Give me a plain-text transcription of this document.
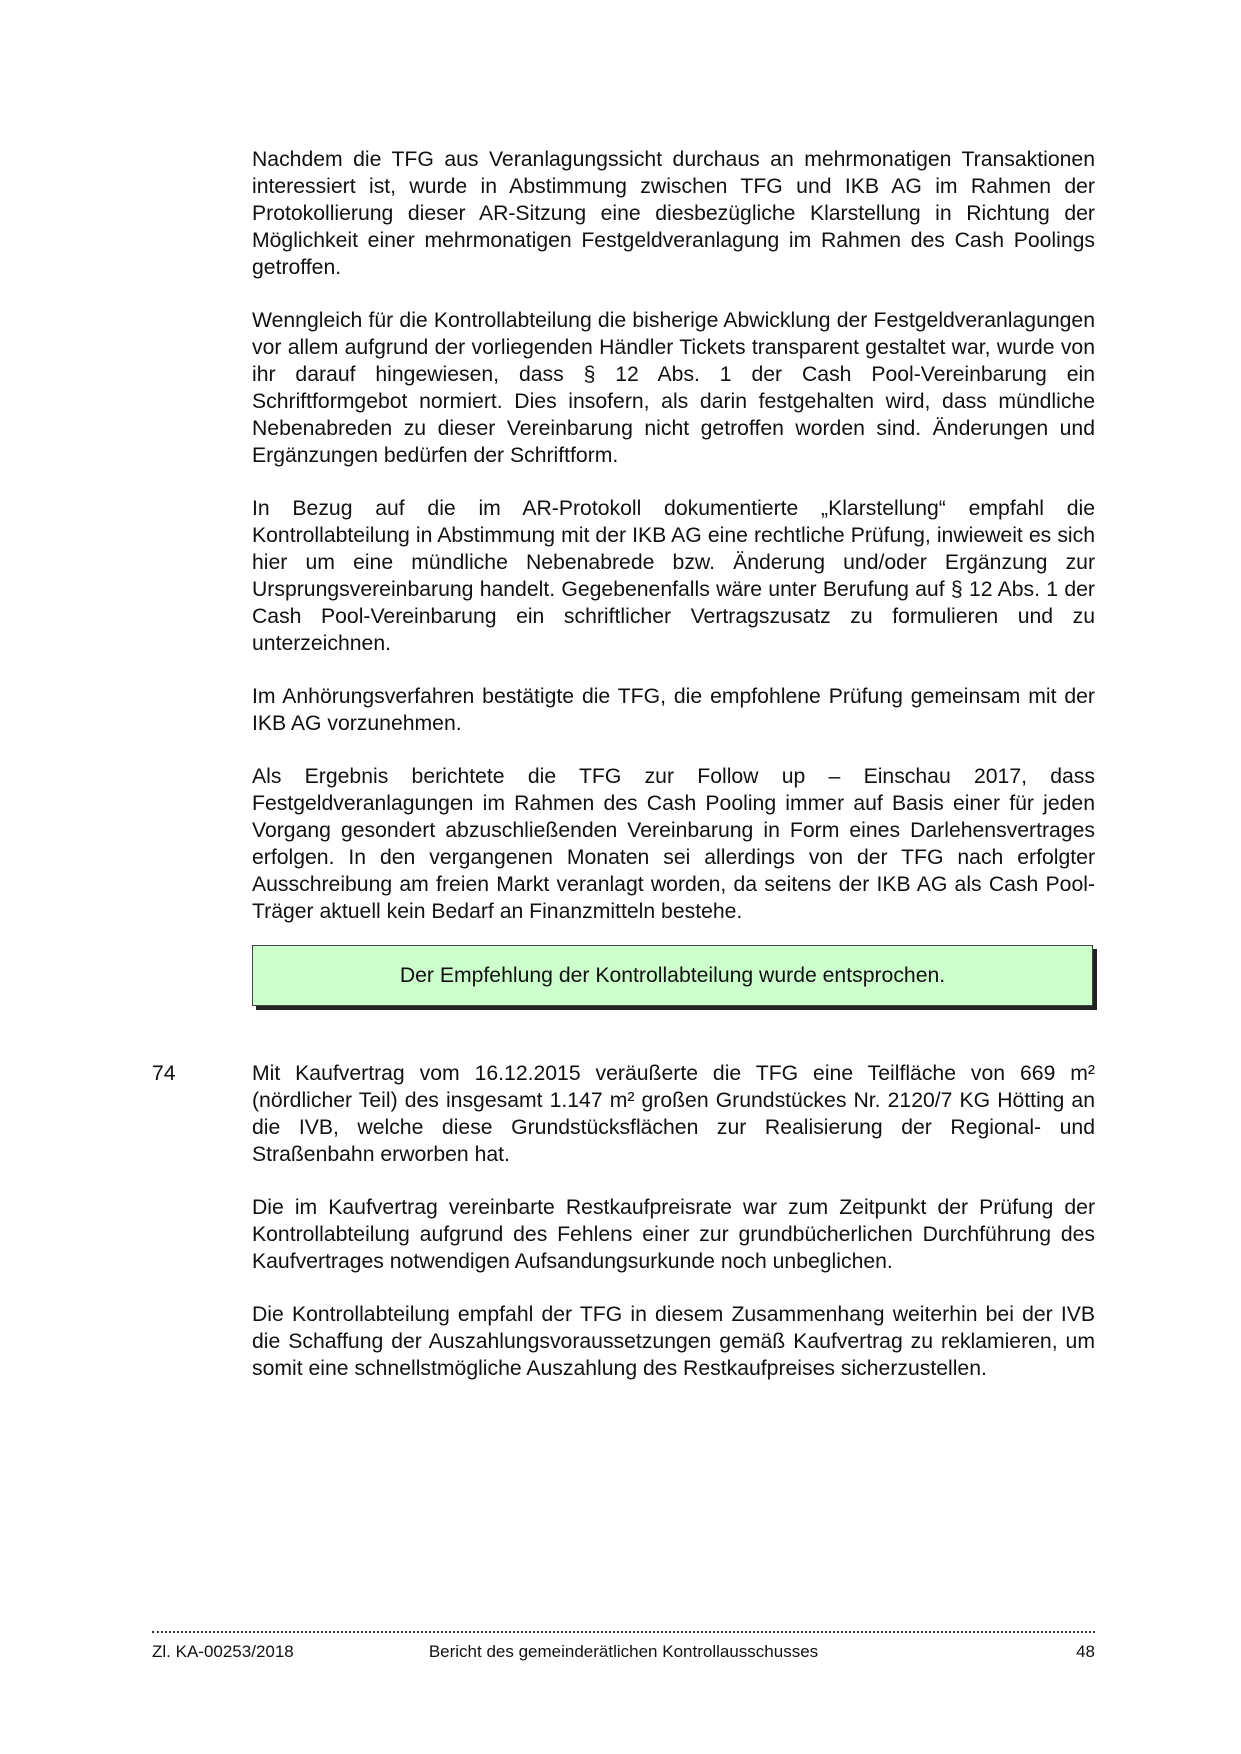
Nachdem die TFG aus Veranlagungssicht durchaus an mehrmonatigen Transaktionen interessiert ist, wurde in Abstimmung zwischen TFG und IKB AG im Rahmen der Protokollierung dieser AR-Sitzung eine diesbezügliche Klarstellung in Richtung der Möglichkeit einer mehrmonatigen Festgeldveranlagung im Rahmen des Cash Poolings getroffen.

Wenngleich für die Kontrollabteilung die bisherige Abwicklung der Festgeldveranlagungen vor allem aufgrund der vorliegenden Händler Tickets transparent gestaltet war, wurde von ihr darauf hingewiesen, dass § 12 Abs. 1 der Cash Pool-Vereinbarung ein Schriftformgebot normiert. Dies insofern, als darin festgehalten wird, dass mündliche Nebenabreden zu dieser Vereinbarung nicht getroffen worden sind. Änderungen und Ergänzungen bedürfen der Schriftform.

In Bezug auf die im AR-Protokoll dokumentierte „Klarstellung“ empfahl die Kontrollabteilung in Abstimmung mit der IKB AG eine rechtliche Prüfung, inwieweit es sich hier um eine mündliche Nebenabrede bzw. Änderung und/oder Ergänzung zur Ursprungsvereinbarung handelt. Gegebenenfalls wäre unter Berufung auf § 12 Abs. 1 der Cash Pool-Vereinbarung ein schriftlicher Vertragszusatz zu formulieren und zu unterzeichnen.

Im Anhörungsverfahren bestätigte die TFG, die empfohlene Prüfung gemeinsam mit der IKB AG vorzunehmen.

Als Ergebnis berichtete die TFG zur Follow up – Einschau 2017, dass Festgeldveranlagungen im Rahmen des Cash Pooling immer auf Basis einer für jeden Vorgang gesondert abzuschließenden Vereinbarung in Form eines Darlehensvertrages erfolgen. In den vergangenen Monaten sei allerdings von der TFG nach erfolgter Ausschreibung am freien Markt veranlagt worden, da seitens der IKB AG als Cash Pool-Träger aktuell kein Bedarf an Finanzmitteln bestehe.

Der Empfehlung der Kontrollabteilung wurde entsprochen.
74	Mit Kaufvertrag vom 16.12.2015 veräußerte die TFG eine Teilfläche von 669 m² (nördlicher Teil) des insgesamt 1.147 m² großen Grundstückes Nr. 2120/7 KG Hötting an die IVB, welche diese Grundstücksflächen zur Realisierung der Regional- und Straßenbahn erworben hat.

Die im Kaufvertrag vereinbarte Restkaufpreisrate war zum Zeitpunkt der Prüfung der Kontrollabteilung aufgrund des Fehlens einer zur grundbücherlichen Durchführung des Kaufvertrages notwendigen Aufsandungsurkunde noch unbeglichen.

Die Kontrollabteilung empfahl der TFG in diesem Zusammenhang weiterhin bei der IVB die Schaffung der Auszahlungsvoraussetzungen gemäß Kaufvertrag zu reklamieren, um somit eine schnellstmögliche Auszahlung des Restkaufpreises sicherzustellen.

Zl. KA-00253/2018	Bericht des gemeinderätlichen Kontrollausschusses	48
